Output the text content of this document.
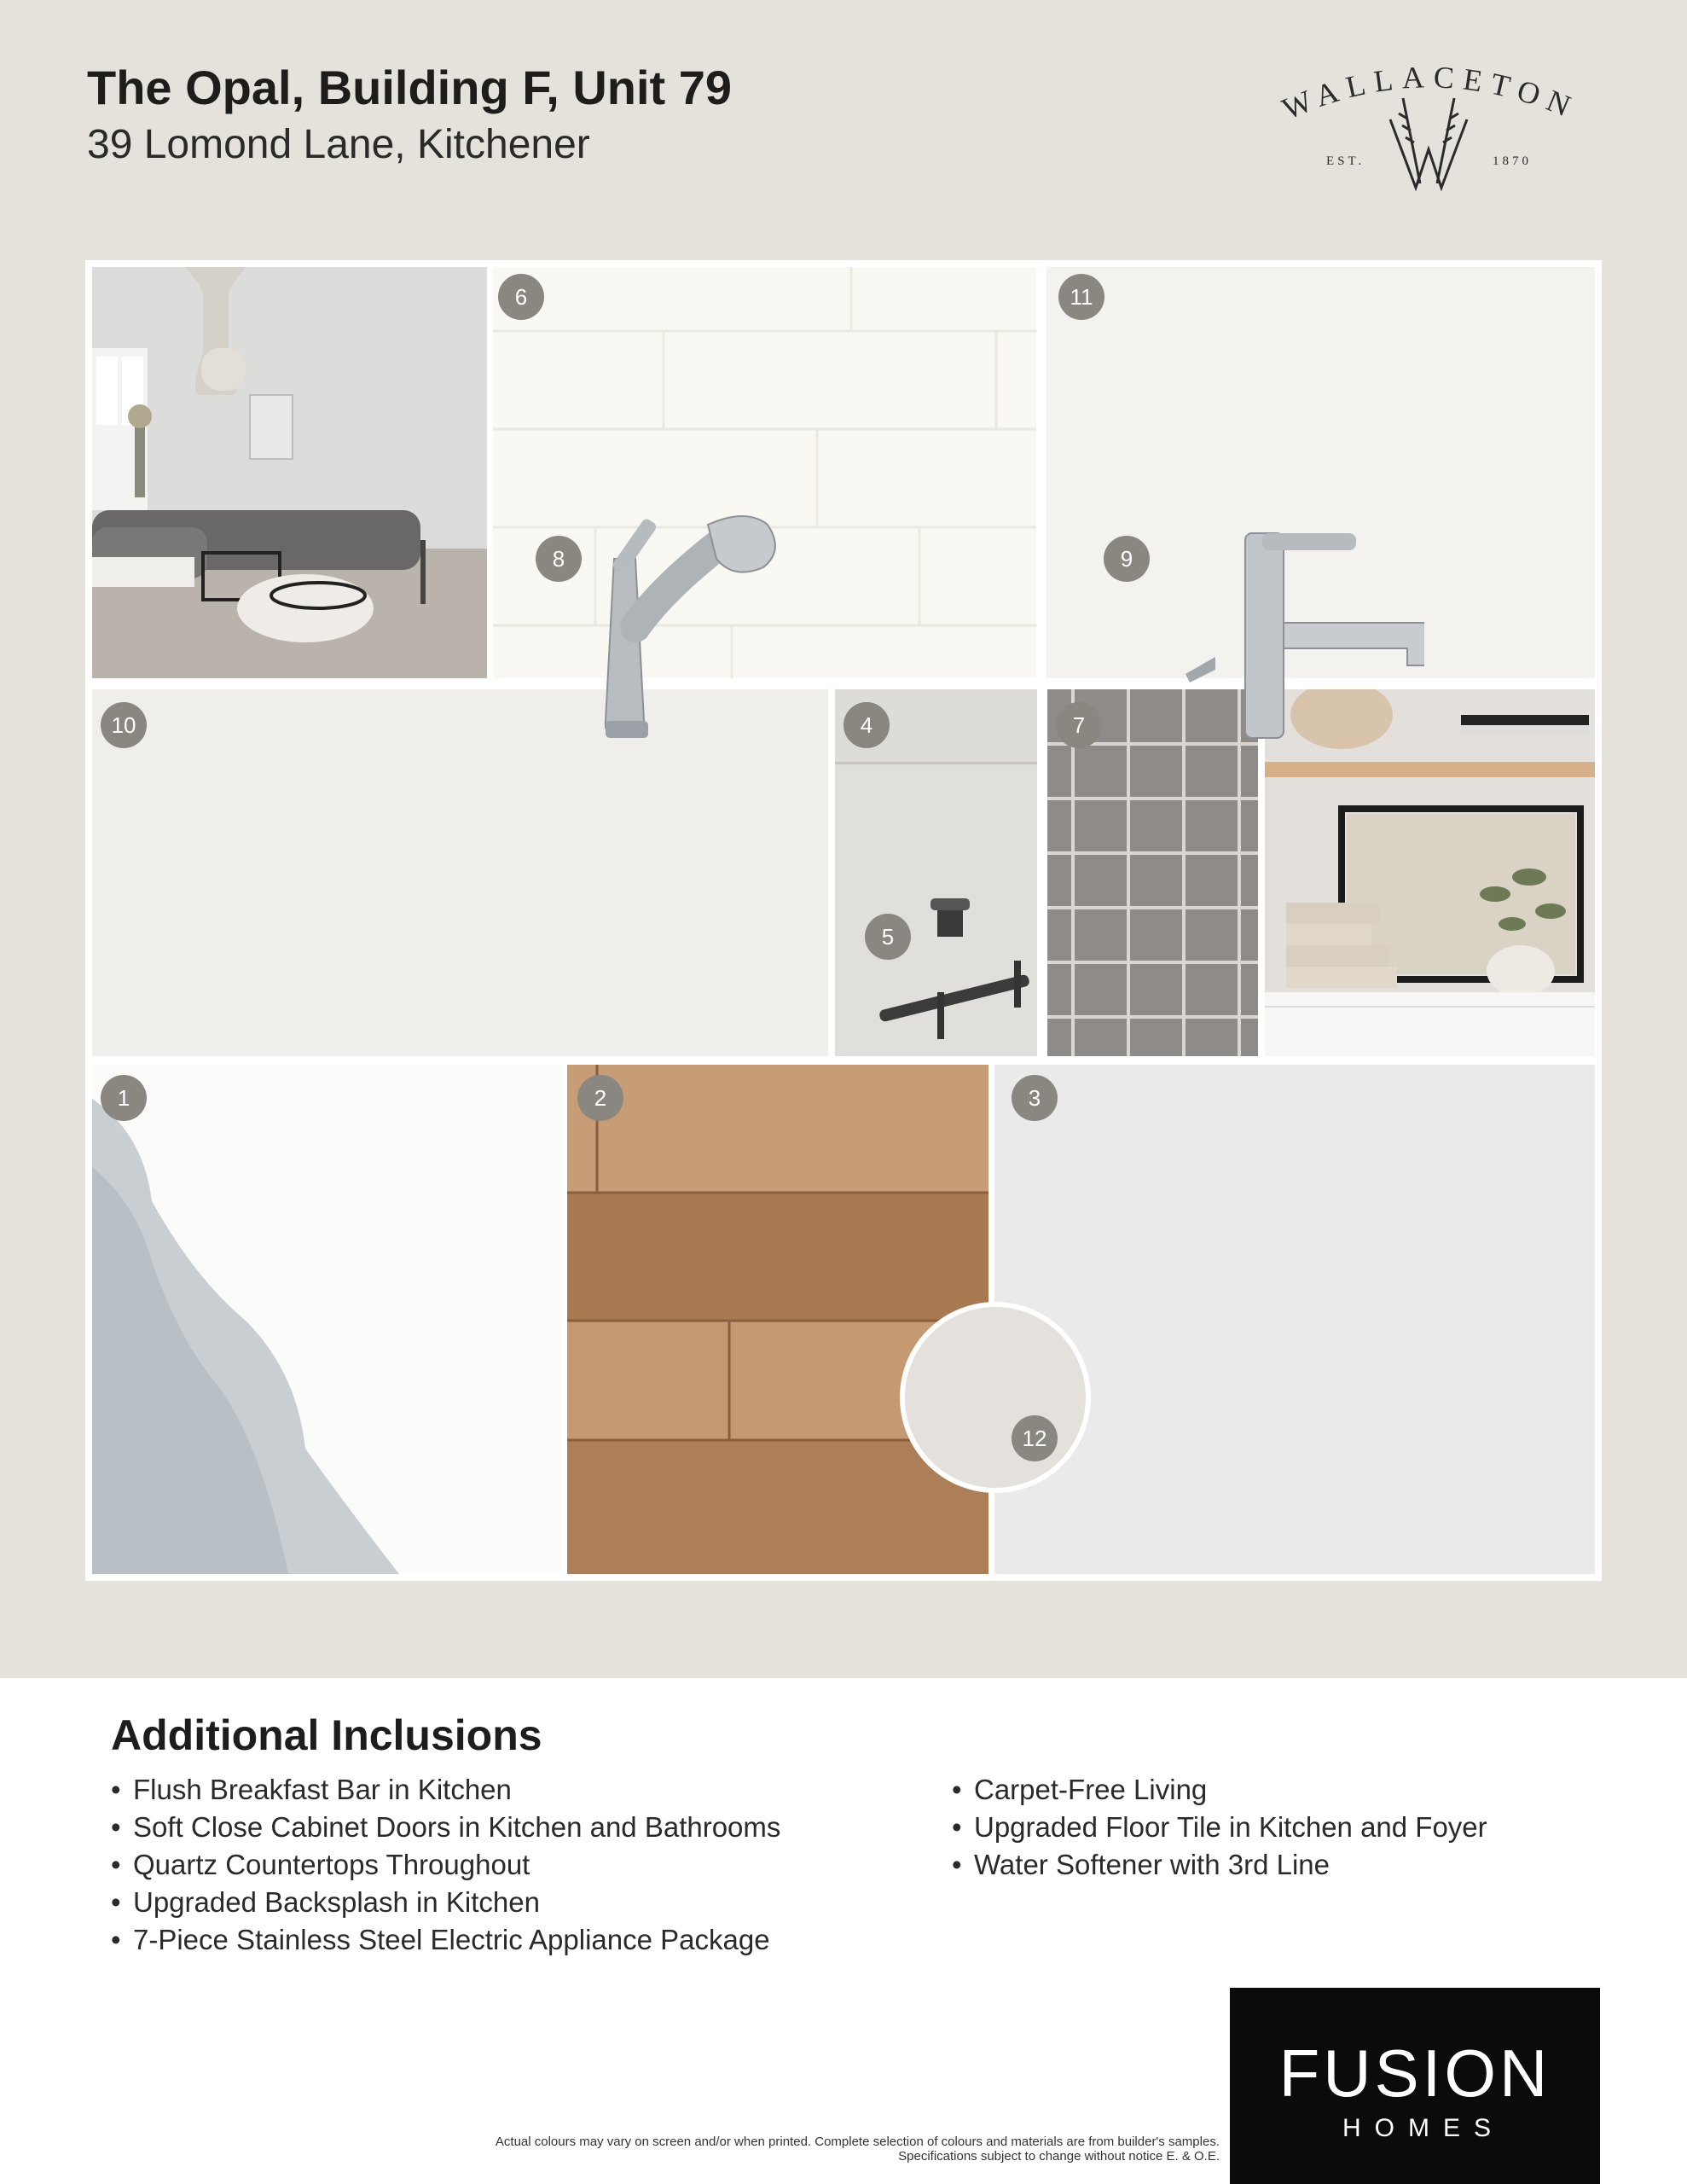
The Opal, Building F, Unit 79
39 Lomond Lane, Kitchener
WALLACETON
EST.	1870
6	11
10	4
5
7
1	2	3
12
8	9
Additional Inclusions
• Flush Breakfast Bar in Kitchen
• Soft Close Cabinet Doors in Kitchen and Bathrooms
• Quartz Countertops Throughout
• Upgraded Backsplash in Kitchen
• 7-Piece Stainless Steel Electric Appliance Package
• Carpet-Free Living
• Upgraded Floor Tile in Kitchen and Foyer
• Water Softener with 3rd Line
Actual colours may vary on screen and/or when printed. Complete selection of colours and materials are from builder's samples.
Specifications subject to change without notice E. & O.E.
FUSION
HOMES
